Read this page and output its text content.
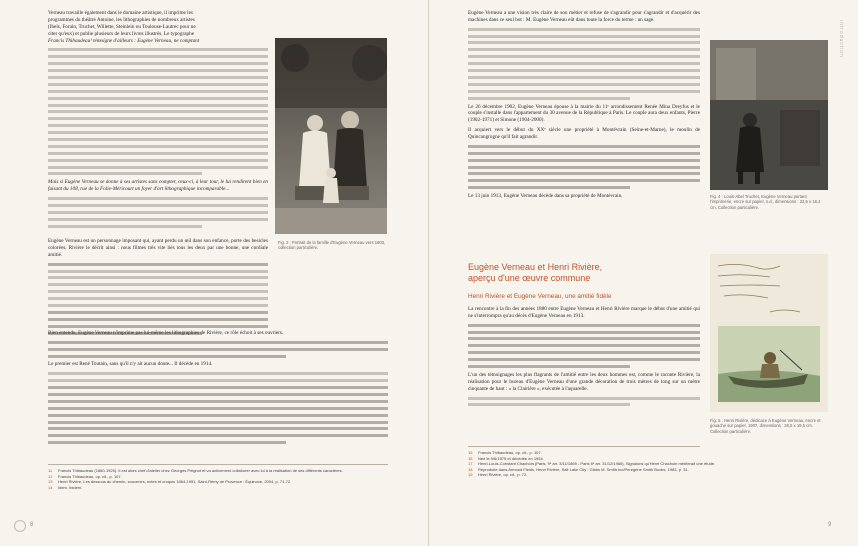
Verneau travaille également dans le domaine artistique, il imprime les
programmes du théâtre Antoine, les lithographies de nombreux artistes
(Ibels, Forain, Truchet, Willette, Steinlein ou Toulouse-Lautrec pour ne
citer qu'eux) et publie plusieurs de leurs livres illustrés. Le typographe
Francis Thibaudeau¹ témoigne d'ailleurs : Eugène Verneau, ne comptant

Mais si Eugène Verneau se donne à ses artistes sans compter, ceux-ci, à leur tour, le lui rendirent bien en faisant du 108, rue de la Folie-Méricourt un foyer d'art lithographique incomparable...

Fig. 2 : Portrait de la famille d'Eugène Verneau vers 1903, collection particulière.

Eugène Verneau est un personnage imposant qui, ayant perdu un œil dans son enfance, porte des besicles colorées. Rivière le décrit ainsi : nous filmes très vite liés tous les deux par une bonne, une cordiale amitié.

Bien entendu, Eugène Verneau n'imprime pas lui-même les lithographies de Rivière, ce rôle échoit à ses ouvriers.

Le premier est René Toutain, sans qu'il n'y ait aucun doute... Il décède en 1914.

11 Francis Thibaudeau (1860-1925). Il est alors chef d'atelier chez Georges Peignot et va activement collaborer avec lui à la réalisation de ses différents caractères.
12 Francis Thibaudeau, op. cit., p. 107.
13 Henri Rivière, Les dessous du chemin, souvenirs, notes et croquis 1864-1951, Saint-Rémy de Provence : Équinoxe, 2004, p. 71-72.
14 Idem. Ibidem.
8

Eugène Verneau a une vision très claire de son métier et refuse de s'agrandir pour s'agrandir et d'acquérir des machines dans ce seul but : M. Eugène Verneau eût dans toute la force du terme : un sage.

Le 26 décembre 1902, Eugène Verneau épouse à la mairie du 11ᵉ arrondissement Renée Mina Dreyfus et le couple s'installe dans l'appartement du 30 avenue de la République à Paris. Le couple aura deux enfants, Pierre (1902-1971) et Simone (1904-2000).

Il acquiert vers le début du XXᵉ siècle une propriété à Montévrain (Seine-et-Marne), le moulin de Quincangrogne qu'il fait agrandir.

Le 13 juin 1913, Eugène Verneau décède dans sa propriété de Montévrain.	Fig. 4 : Louis-Abel Truchet, Eugène Verneau portant l'imprimerie, encre sur papier, s.d., dimensions : 22,5 x 18,4 cm. Collection particulière.
Eugène Verneau et Henri Rivière,
aperçu d'une œuvre commune
Henri Rivière et Eugène Verneau, une amitié fidèle

La rencontre à la fin des années 1880 entre Eugène Verneau et Henri Rivière marque le début d'une amitié qui ne s'interrompra qu'au décès d'Eugène Verneau en 1913.

L'un des témoignages les plus flagrants de l'amitié entre les deux hommes est, comme le raconte Rivière, la réalisation pour le bureau d'Eugène Verneau d'une grande décoration de trois mètres de long sur un mètre cinquante de haut : « la Clairière », exécutée à l'aquarelle.

Fig. 5 : Henri Rivière, dédicace à Eugène Verneau, encre et gouache sur papier, 1907, dimensions : 26,5 x 19,5 cm. Collection particulière.
15 Francis Thibaudeau, op. cit., p. 107.
16 Née le 9/6/1879 et décédée en 1954.
17 Henri-Louis-Constant Chachoin (Paris, 9ᵉ arr. 3/11/1869 - Paris 6ᵉ arr. 31/12/1966). Signalons qu'Henri Chachoin mériterait une étude.
18 Reproduite dans Armond Fields, Henri Rivière, Salt Lake City : Gibbs M. Smith Inc/Peregrine Smith Books, 1983, p. 31.
19 Henri Rivière, op. cit., p. 72.
introduction
9
